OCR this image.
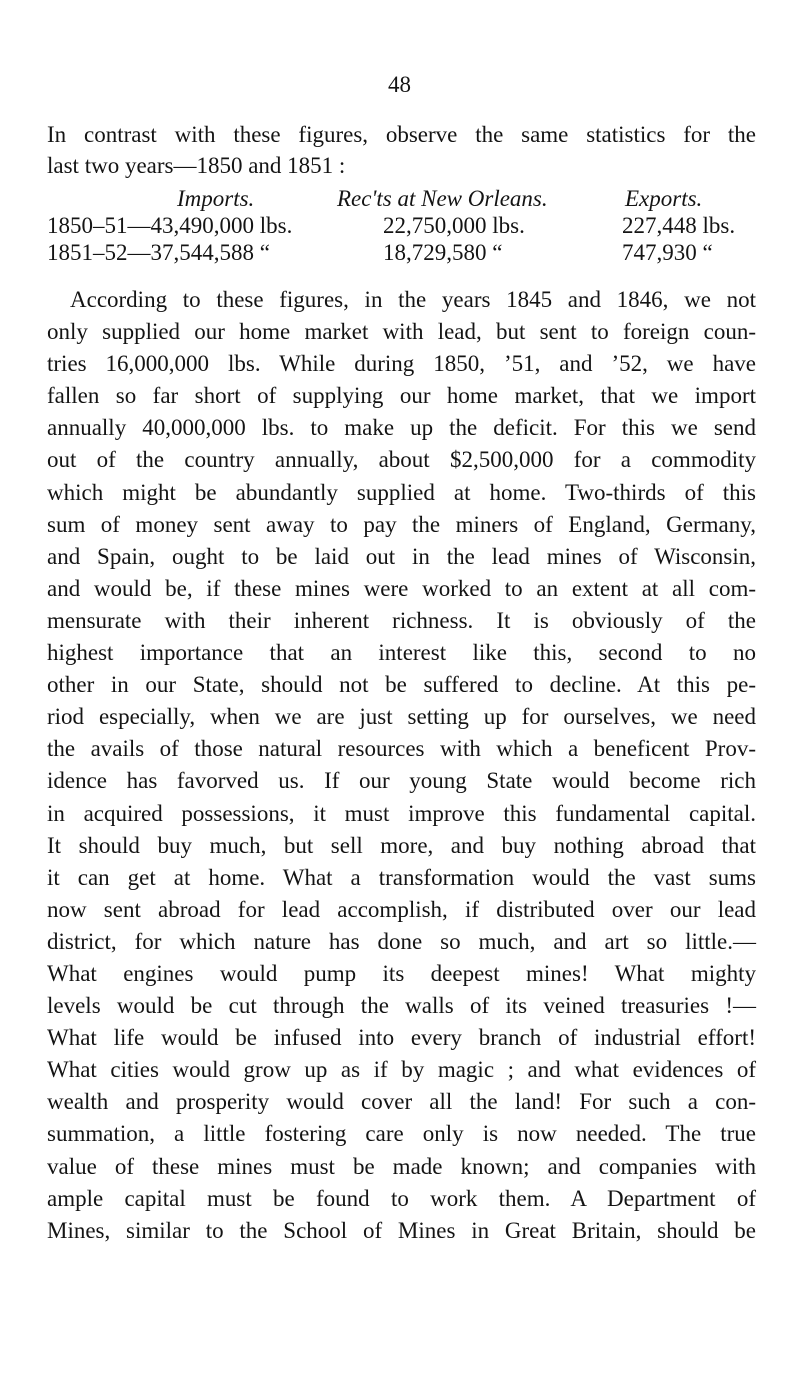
48
In contrast with these figures, observe the same statistics for the
last two years—1850 and 1851 :
Imports.	Rec'ts at New Orleans.	Exports.
1850–51—43,490,000 lbs.	22,750,000 lbs.	227,448 lbs.
1851–52—37,544,588 “	18,729,580 “	747,930 “
According to these figures, in the years 1845 and 1846, we not
only supplied our home market with lead, but sent to foreign coun-
tries 16,000,000 lbs. While during 1850, ’51, and ’52, we have
fallen so far short of supplying our home market, that we import
annually 40,000,000 lbs. to make up the deficit. For this we send
out of the country annually, about $2,500,000 for a commodity
which might be abundantly supplied at home. Two-thirds of this
sum of money sent away to pay the miners of England, Germany,
and Spain, ought to be laid out in the lead mines of Wisconsin,
and would be, if these mines were worked to an extent at all com-
mensurate with their inherent richness. It is obviously of the
highest importance that an interest like this, second to no
other in our State, should not be suffered to decline. At this pe-
riod especially, when we are just setting up for ourselves, we need
the avails of those natural resources with which a beneficent Prov-
idence has favorved us. If our young State would become rich
in acquired possessions, it must improve this fundamental capital.
It should buy much, but sell more, and buy nothing abroad that
it can get at home. What a transformation would the vast sums
now sent abroad for lead accomplish, if distributed over our lead
district, for which nature has done so much, and art so little.—
What engines would pump its deepest mines! What mighty
levels would be cut through the walls of its veined treasuries !—
What life would be infused into every branch of industrial effort!
What cities would grow up as if by magic ; and what evidences of
wealth and prosperity would cover all the land! For such a con-
summation, a little fostering care only is now needed. The true
value of these mines must be made known; and companies with
ample capital must be found to work them. A Department of
Mines, similar to the School of Mines in Great Britain, should be
